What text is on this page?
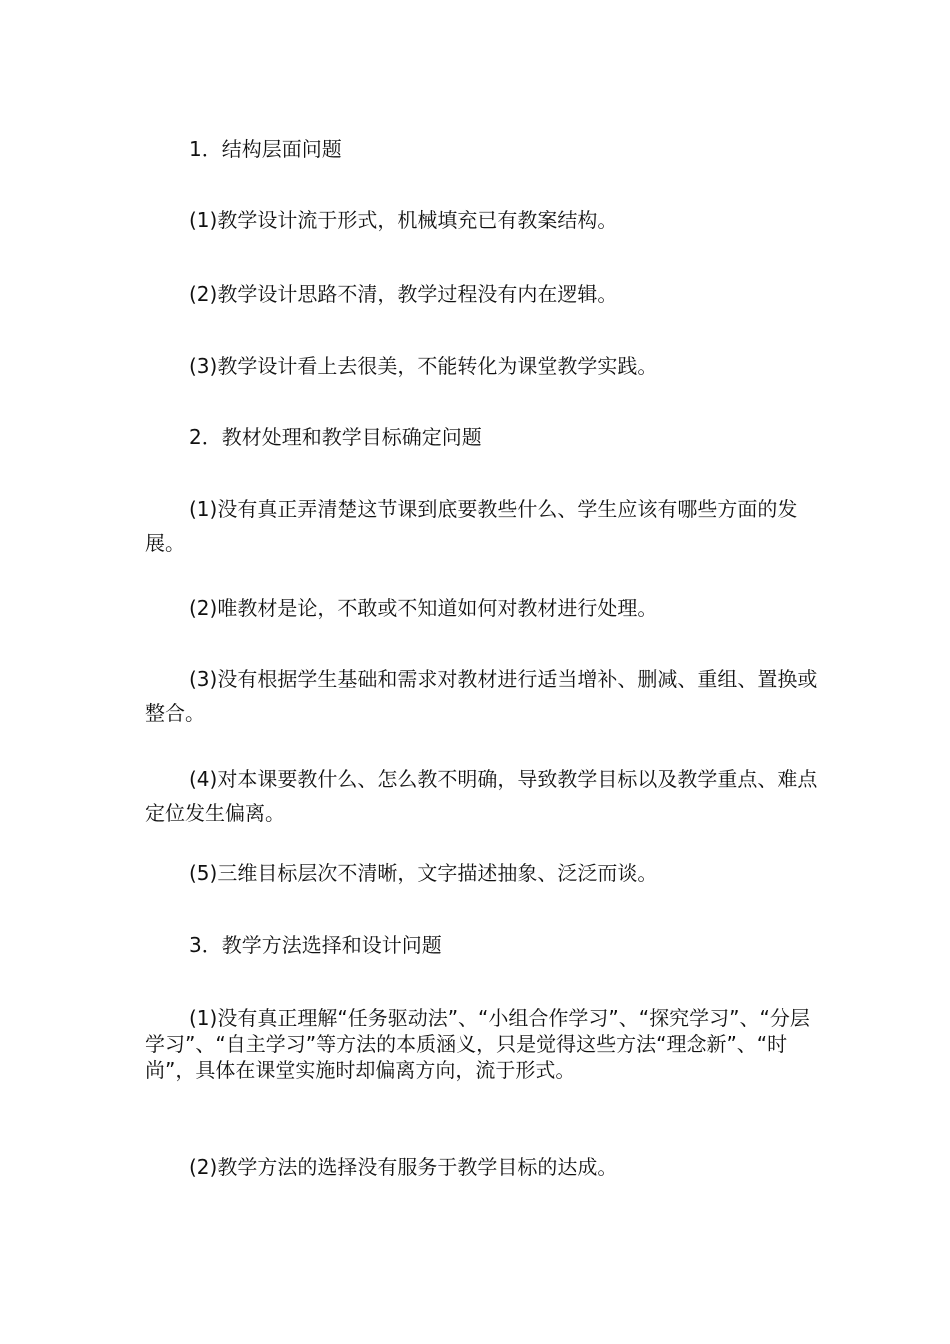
1．结构层面问题

(1)教学设计流于形式，机械填充已有教案结构。

(2)教学设计思路不清，教学过程没有内在逻辑。

(3)教学设计看上去很美，不能转化为课堂教学实践。

2．教材处理和教学目标确定问题

(1)没有真正弄清楚这节课到底要教些什么、学生应该有哪些方面的发展。

(2)唯教材是论，不敢或不知道如何对教材进行处理。

(3)没有根据学生基础和需求对教材进行适当增补、删减、重组、置换或整合。

(4)对本课要教什么、怎么教不明确，导致教学目标以及教学重点、难点定位发生偏离。

(5)三维目标层次不清晰，文字描述抽象、泛泛而谈。

3．教学方法选择和设计问题

(1)没有真正理解“任务驱动法”、“小组合作学习”、“探究学习”、“分层学习”、“自主学习”等方法的本质涵义，只是觉得这些方法“理念新”、“时尚”，具体在课堂实施时却偏离方向，流于形式。

(2)教学方法的选择没有服务于教学目标的达成。
